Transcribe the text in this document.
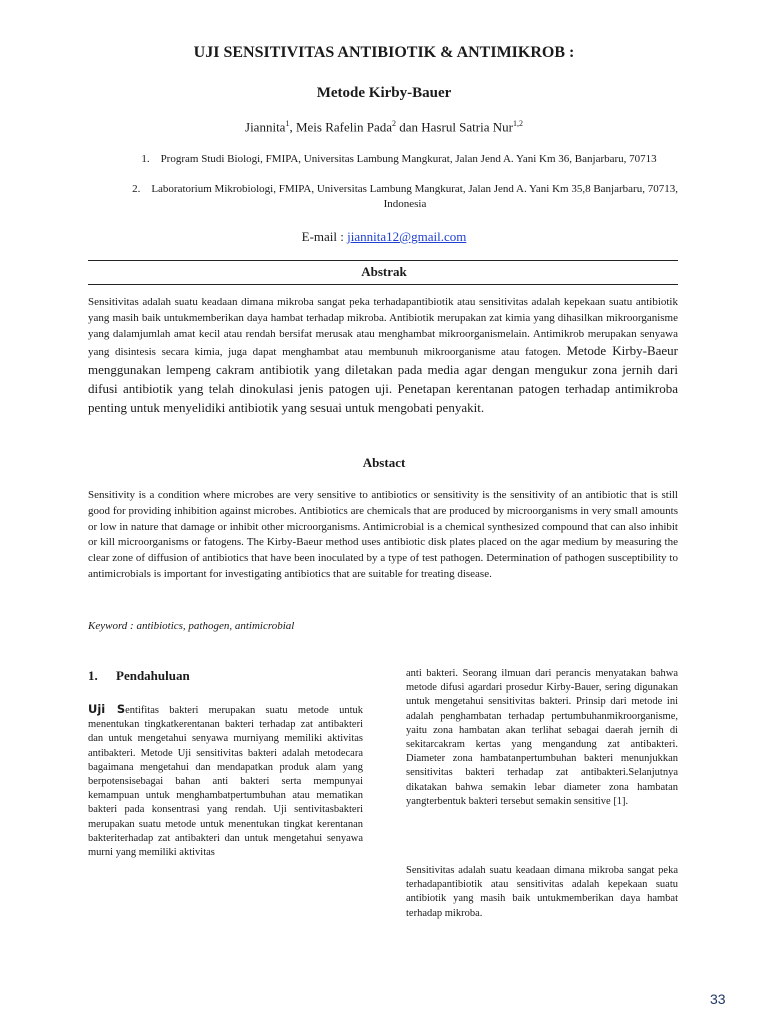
UJI SENSITIVITAS ANTIBIOTIK & ANTIMIKROB :
Metode Kirby-Bauer
Jiannita$^1$, Meis Rafelin Pada$^2$ dan Hasrul Satria Nur$^{1,2}$
1.    Program Studi Biologi, FMIPA, Universitas Lambung Mangkurat, Jalan Jend A. Yani Km 36, Banjarbaru, 70713
2.    Laboratorium Mikrobiologi, FMIPA, Universitas Lambung Mangkurat, Jalan Jend A. Yani Km 35,8 Banjarbaru, 70713, Indonesia
E-mail : jiannita12@gmail.com
Abstrak
Sensitivitas adalah suatu keadaan dimana mikroba sangat peka terhadapantibiotik atau sensitivitas adalah kepekaan suatu antibiotik yang masih baik untukmemberikan daya hambat terhadap mikroba. Antibiotik merupakan zat kimia yang dihasilkan mikroorganisme yang dalamjumlah amat kecil atau rendah bersifat merusak atau menghambat mikroorganismelain. Antimikrob merupakan senyawa yang disintesis secara kimia, juga dapat menghambat atau membunuh mikroorganisme atau fatogen. Metode Kirby-Baeur menggunakan lempeng cakram antibiotik yang diletakan pada media agar dengan mengukur zona jernih dari difusi antibiotik yang telah dinokulasi jenis patogen uji. Penetapan kerentanan patogen terhadap antimikroba penting untuk menyelidiki antibiotik yang sesuai untuk mengobati penyakit.
Abstact
Sensitivity is a condition where microbes are very sensitive to antibiotics or sensitivity is the sensitivity of an antibiotic that is still good for providing inhibition against microbes. Antibiotics are chemicals that are produced by microorganisms in very small amounts or low in nature that damage or inhibit other microorganisms. Antimicrobial is a chemical synthesized compound that can also inhibit or kill microorganisms or fatogens. The Kirby-Baeur method uses antibiotic disk plates placed on the agar medium by measuring the clear zone of diffusion of antibiotics that have been inoculated by a type of test pathogen. Determination of pathogen susceptibility to antimicrobials is important for investigating antibiotics that are suitable for treating disease.
Keyword : antibiotics, pathogen, antimicrobial
1. Pendahuluan
Uji Sentifitas bakteri merupakan suatu metode untuk menentukan tingkatkerentanan bakteri terhadap zat antibakteri dan untuk mengetahui senyawa murniyang memiliki aktivitas antibakteri. Metode Uji sensitivitas bakteri adalah metodecara bagaimana mengetahui dan mendapatkan produk alam yang berpotensisebagai bahan anti bakteri serta mempunyai kemampuan untuk menghambatpertumbuhan atau mematikan bakteri pada konsentrasi yang rendah. Uji sentivitasbakteri merupakan suatu metode untuk menentukan tingkat kerentanan bakteriterhadap zat antibakteri dan untuk mengetahui senyawa murni yang memiliki aktivitas
anti bakteri. Seorang ilmuan dari perancis menyatakan bahwa metode difusi agardari prosedur Kirby-Bauer, sering digunakan untuk mengetahui sensitivitas bakteri. Prinsip dari metode ini adalah penghambatan terhadap pertumbuhanmikroorganisme, yaitu zona hambatan akan terlihat sebagai daerah jernih di sekitarcakram kertas yang mengandung zat antibakteri. Diameter zona hambatanpertumbuhan bakteri menunjukkan sensitivitas bakteri terhadap zat antibakteri.Selanjutnya dikatakan bahwa semakin lebar diameter zona hambatan yangterbentuk bakteri tersebut semakin sensitive [1].
Sensitivitas adalah suatu keadaan dimana mikroba sangat peka terhadapantibiotik atau sensitivitas adalah kepekaan suatu antibiotik yang masih baik untukmemberikan daya hambat terhadap mikroba.
33
